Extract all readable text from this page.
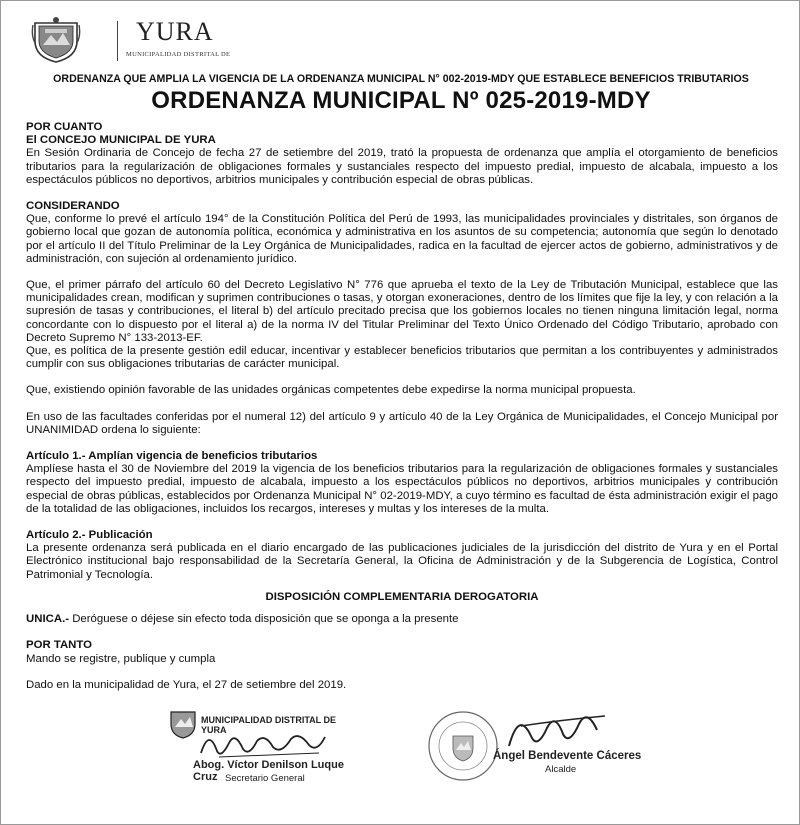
YURA
MUNICIPALIDAD DISTRITAL DE
ORDENANZA QUE AMPLIA LA VIGENCIA DE LA ORDENANZA MUNICIPAL N° 002-2019-MDY QUE ESTABLECE BENEFICIOS TRIBUTARIOS
ORDENANZA MUNICIPAL Nº 025-2019-MDY

POR CUANTO

El CONCEJO MUNICIPAL DE YURA

En Sesión Ordinaria de Concejo de fecha 27 de setiembre del 2019, trató la propuesta de ordenanza que amplía el otorgamiento de beneficios tributarios para la regularización de obligaciones formales y sustanciales respecto del impuesto predial, impuesto de alcabala, impuesto a los espectáculos públicos no deportivos, arbitrios municipales y contribución especial de obras públicas.

CONSIDERANDO

Que, conforme lo prevé el artículo 194° de la Constitución Política del Perú de 1993, las municipalidades provinciales y distritales, son órganos de gobierno local que gozan de autonomía política, económica y administrativa en los asuntos de su competencia; autonomía que según lo denotado por el artículo II del Título Preliminar de la Ley Orgánica de Municipalidades, radica en la facultad de ejercer actos de gobierno, administrativos y de administración, con sujeción al ordenamiento jurídico.

Que, el primer párrafo del artículo 60 del Decreto Legislativo N° 776 que aprueba el texto de la Ley de Tributación Municipal, establece que las municipalidades crean, modifican y suprimen contribuciones o tasas, y otorgan exoneraciones, dentro de los límites que fije la ley, y con relación a la supresión de tasas y contribuciones, el literal b) del artículo precitado precisa que los gobiernos locales no tienen ninguna limitación legal, norma concordante con lo dispuesto por el literal a) de la norma IV del Titular Preliminar del Texto Único Ordenado del Código Tributario, aprobado con Decreto Supremo N° 133-2013-EF.

Que, es política de la presente gestión edil educar, incentivar y establecer beneficios tributarios que permitan a los contribuyentes y administrados cumplir con sus obligaciones tributarias de carácter municipal.

Que, existiendo opinión favorable de las unidades orgánicas competentes debe expedirse la norma municipal propuesta.

En uso de las facultades conferidas por el numeral 12) del artículo 9 y artículo 40 de la Ley Orgánica de Municipalidades, el Concejo Municipal por UNANIMIDAD ordena lo siguiente:

Artículo 1.- Amplían vigencia de beneficios tributarios

Amplíese hasta el 30 de Noviembre del 2019 la vigencia de los beneficios tributarios para la regularización de obligaciones formales y sustanciales respecto del impuesto predial, impuesto de alcabala, impuesto a los espectáculos públicos no deportivos, arbitrios municipales y contribución especial de obras públicas, establecidos por Ordenanza Municipal N° 02-2019-MDY, a cuyo término es facultad de ésta administración exigir el pago de la totalidad de las obligaciones, incluidos los recargos, intereses y multas y los intereses de la multa.

Artículo 2.- Publicación

La presente ordenanza será publicada en el diario encargado de las publicaciones judiciales de la jurisdicción del distrito de Yura y en el Portal Electrónico institucional bajo responsabilidad de la Secretaría General, la Oficina de Administración y de la Subgerencia de Logística, Control Patrimonial y Tecnología.

DISPOSICIÓN COMPLEMENTARIA DEROGATORIA

UNICA.- Deróguese o déjese sin efecto toda disposición que se oponga a la presente

POR TANTO

Mando se registre, publique y cumpla

Dado en la municipalidad de Yura, el 27 de setiembre del 2019.

MUNICIPALIDAD DISTRITAL DE YURA
Abog. Víctor Denilson Luque Cruz Secretario General
Ángel Bendevente Cáceres
Alcalde
